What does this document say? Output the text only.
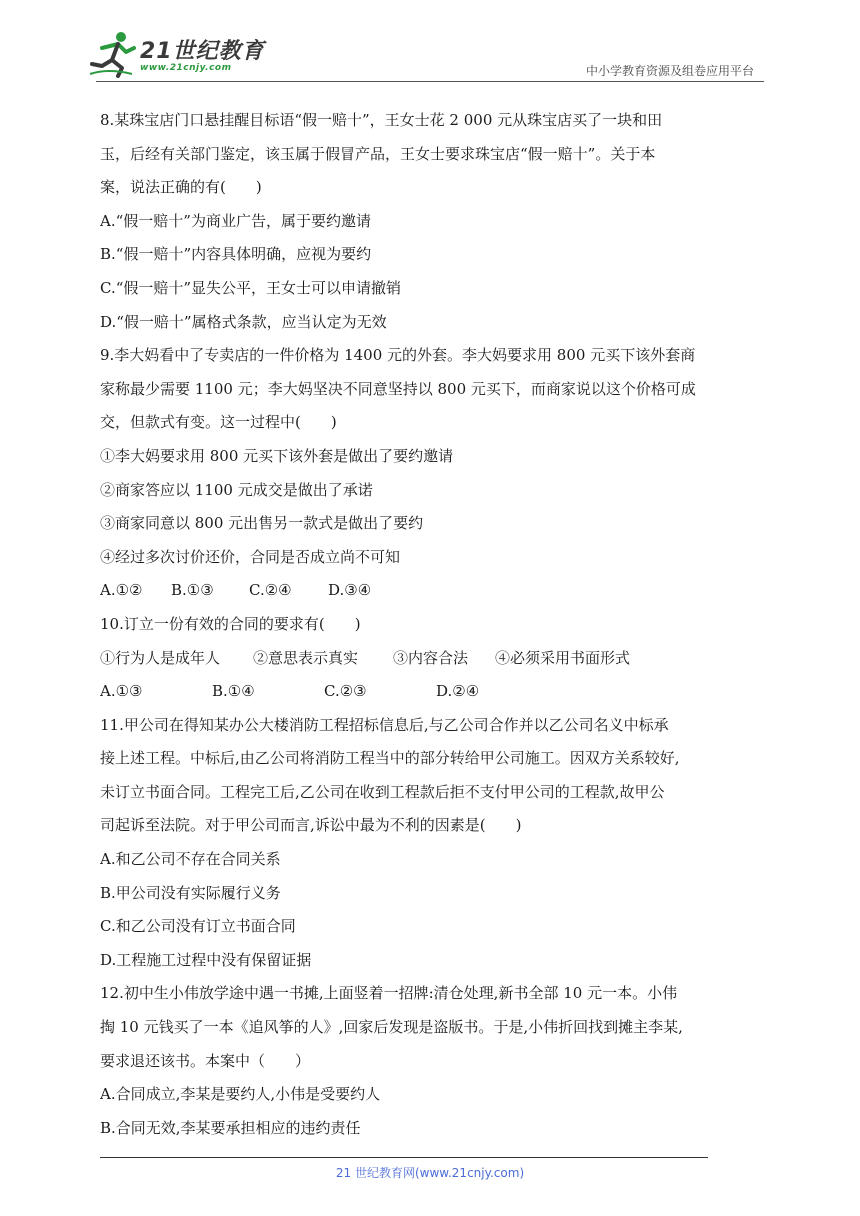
21世纪教育
www.21cnjy.com	中小学教育资源及组卷应用平台
8.某珠宝店门口悬挂醒目标语“假一赔十”，王女士花 2 000 元从珠宝店买了一块和田
玉，后经有关部门鉴定，该玉属于假冒产品，王女士要求珠宝店“假一赔十”。关于本
案，说法正确的有(　　)
A.“假一赔十”为商业广告，属于要约邀请
B.“假一赔十”内容具体明确，应视为要约
C.“假一赔十”显失公平，王女士可以申请撤销
D.“假一赔十”属格式条款，应当认定为无效
9.李大妈看中了专卖店的一件价格为 1400 元的外套。李大妈要求用 800 元买下该外套商
家称最少需要 1100 元；李大妈坚决不同意坚持以 800 元买下，而商家说以这个价格可成
交，但款式有变。这一过程中(　　)
①李大妈要求用 800 元买下该外套是做出了要约邀请
②商家答应以 1100 元成交是做出了承诺
③商家同意以 800 元出售另一款式是做出了要约
④经过多次讨价还价，合同是否成立尚不可知
A.①② B.①③ C.②④ D.③④
10.订立一份有效的合同的要求有(　　)
①行为人是成年人 ②意思表示真实 ③内容合法 ④必须采用书面形式
A.①③	B.①④	C.②③	D.②④
11.甲公司在得知某办公大楼消防工程招标信息后,与乙公司合作并以乙公司名义中标承
接上述工程。中标后,由乙公司将消防工程当中的部分转给甲公司施工。因双方关系较好,
未订立书面合同。工程完工后,乙公司在收到工程款后拒不支付甲公司的工程款,故甲公
司起诉至法院。对于甲公司而言,诉讼中最为不利的因素是(　　)
A.和乙公司不存在合同关系
B.甲公司没有实际履行义务
C.和乙公司没有订立书面合同
D.工程施工过程中没有保留证据
12.初中生小伟放学途中遇一书摊,上面竖着一招牌:清仓处理,新书全部 10 元一本。小伟
掏 10 元钱买了一本《追风筝的人》,回家后发现是盗版书。于是,小伟折回找到摊主李某,
要求退还该书。本案中（　　）
A.合同成立,李某是要约人,小伟是受要约人
B.合同无效,李某要承担相应的违约责任
21 世纪教育网(www.21cnjy.com)
